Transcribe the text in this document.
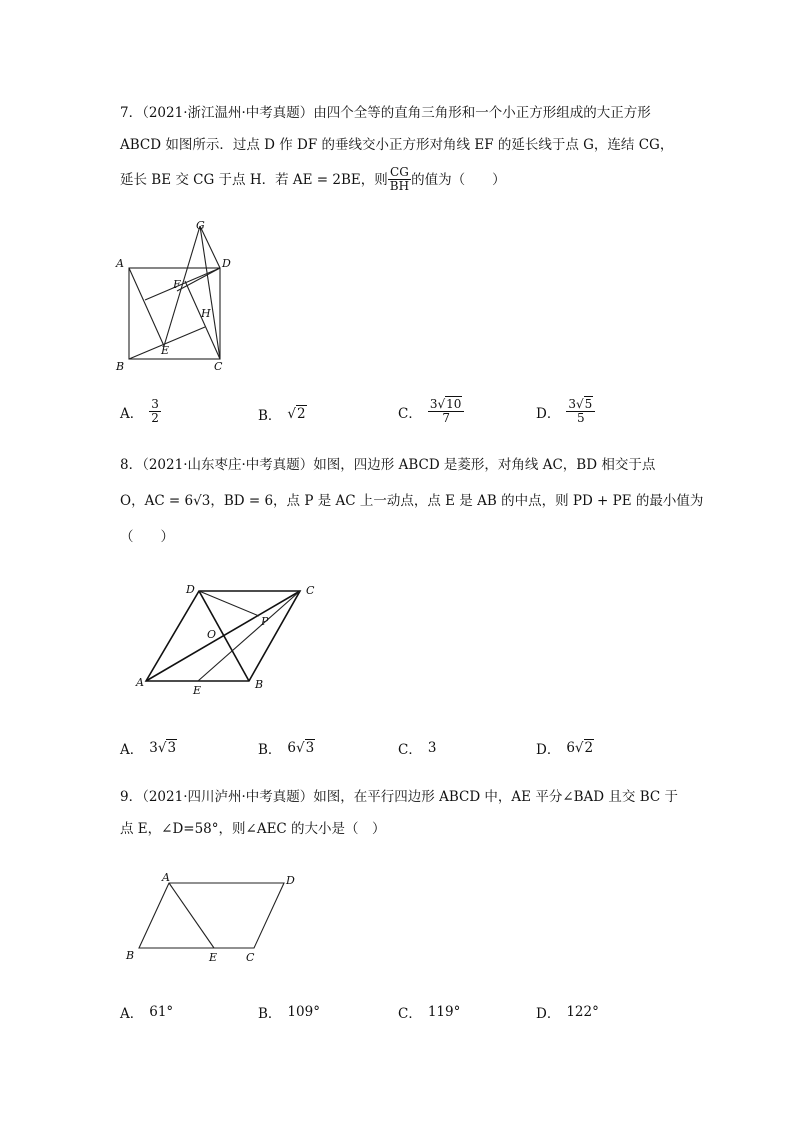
7．（2021·浙江温州·中考真题）由四个全等的直角三角形和一个小正方形组成的大正方形
ABCD 如图所示．过点 D 作 DF 的垂线交小正方形对角线 EF 的延长线于点 G，连结 CG，
延长 BE 交 CG 于点 H．若 AE = 2BE，则 $\frac{CG}{BH}$ 的值为（　　）
A
B	C
D
E
F
G
H
A． $\frac{3}{2}$	B． √2	C． $\frac{3√10}{7}$	D． $\frac{3√5}{5}$
8．（2021·山东枣庄·中考真题）如图，四边形 ABCD 是菱形，对角线 AC，BD 相交于点
O，AC = 6√3，BD = 6，点 P 是 AC 上一动点，点 E 是 AB 的中点，则 PD + PE 的最小值为
（　　）
A	B
C
D
E
O
P
A． 3 √3	B． 6 √3	C． 3	D． 6 √2
9．（2021·四川泸州·中考真题）如图，在平行四边形 ABCD 中，AE 平分∠BAD 且交 BC 于
点 E，∠D=58°，则∠AEC 的大小是（　）
A
B	C
D
E
A． 61°	B． 109°	C． 119°	D． 122°
